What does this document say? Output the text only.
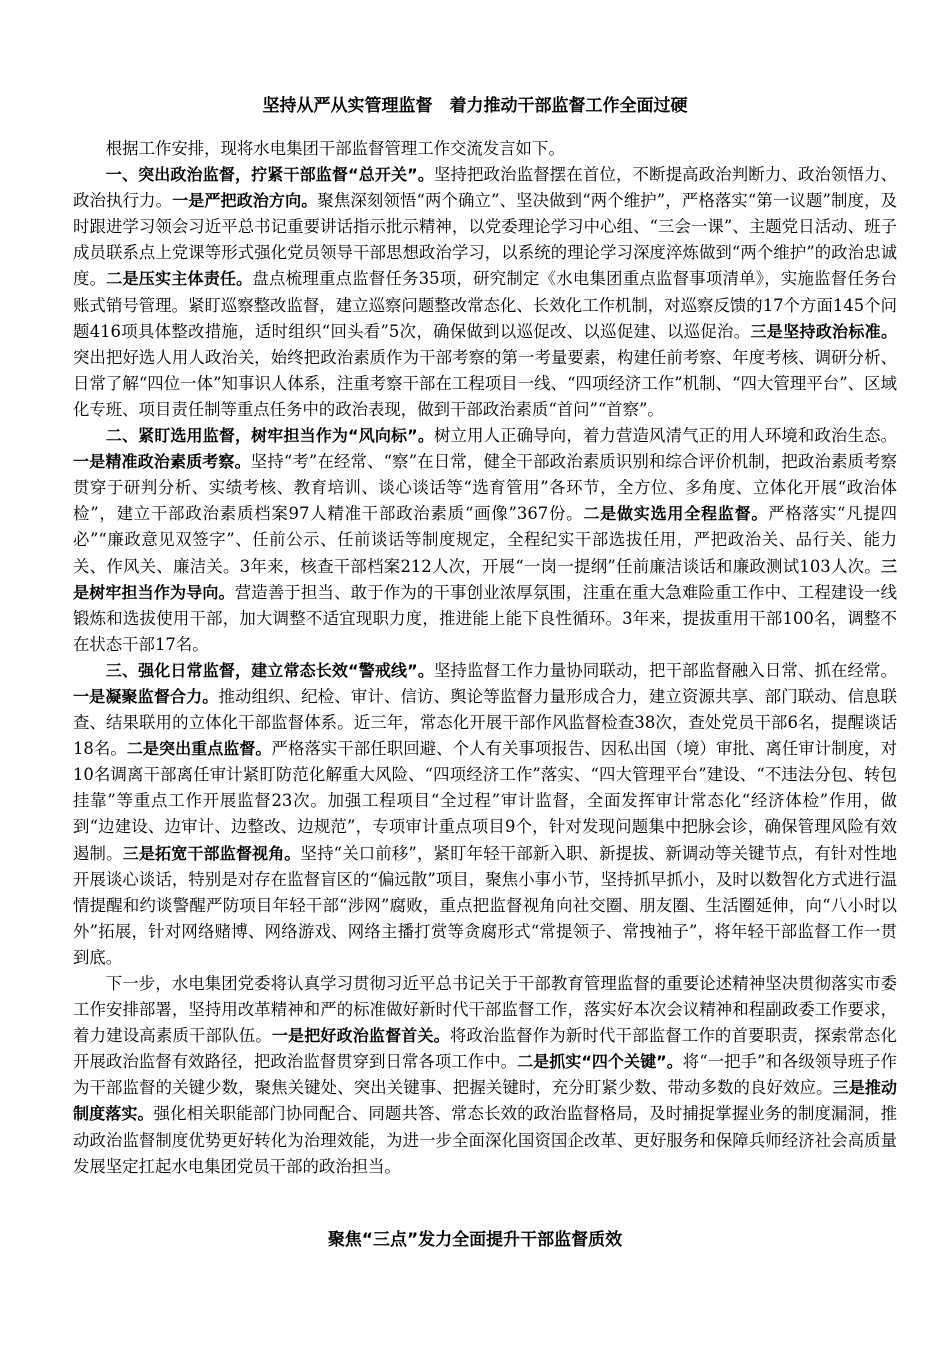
坚持从严从实管理监督　着力推动干部监督工作全面过硬

根据工作安排，现将水电集团干部监督管理工作交流发言如下。

一、突出政治监督，拧紧干部监督“总开关”。坚持把政治监督摆在首位，不断提高政治判断力、政治领悟力、政治执行力。一是严把政治方向。聚焦深刻领悟“两个确立”、坚决做到“两个维护”，严格落实“第一议题”制度，及时跟进学习领会习近平总书记重要讲话指示批示精神，以党委理论学习中心组、“三会一课”、主题党日活动、班子成员联系点上党课等形式强化党员领导干部思想政治学习，以系统的理论学习深度淬炼做到“两个维护”的政治忠诚度。二是压实主体责任。盘点梳理重点监督任务35项，研究制定《水电集团重点监督事项清单》，实施监督任务台账式销号管理。紧盯巡察整改监督，建立巡察问题整改常态化、长效化工作机制，对巡察反馈的17个方面145个问题416项具体整改措施，适时组织“回头看”5次，确保做到以巡促改、以巡促建、以巡促治。三是坚持政治标准。突出把好选人用人政治关，始终把政治素质作为干部考察的第一考量要素，构建任前考察、年度考核、调研分析、日常了解“四位一体”知事识人体系，注重考察干部在工程项目一线、“四项经济工作”机制、“四大管理平台”、区域化专班、项目责任制等重点任务中的政治表现，做到干部政治素质“首问”“首察”。

二、紧盯选用监督，树牢担当作为“风向标”。树立用人正确导向，着力营造风清气正的用人环境和政治生态。一是精准政治素质考察。坚持“考”在经常、“察”在日常，健全干部政治素质识别和综合评价机制，把政治素质考察贯穿于研判分析、实绩考核、教育培训、谈心谈话等“选育管用”各环节，全方位、多角度、立体化开展“政治体检”，建立干部政治素质档案97人精准干部政治素质“画像”367份。二是做实选用全程监督。严格落实“凡提四必”“廉政意见双签字”、任前公示、任前谈话等制度规定，全程纪实干部选拔任用，严把政治关、品行关、能力关、作风关、廉洁关。3年来，核查干部档案212人次，开展“一岗一提纲”任前廉洁谈话和廉政测试103人次。三是树牢担当作为导向。营造善于担当、敢于作为的干事创业浓厚氛围，注重在重大急难险重工作中、工程建设一线锻炼和选拔使用干部，加大调整不适宜现职力度，推进能上能下良性循环。3年来，提拔重用干部100名，调整不在状态干部17名。

三、强化日常监督，建立常态长效“警戒线”。坚持监督工作力量协同联动，把干部监督融入日常、抓在经常。一是凝聚监督合力。推动组织、纪检、审计、信访、舆论等监督力量形成合力，建立资源共享、部门联动、信息联查、结果联用的立体化干部监督体系。近三年，常态化开展干部作风监督检查38次，查处党员干部6名，提醒谈话18名。二是突出重点监督。严格落实干部任职回避、个人有关事项报告、因私出国（境）审批、离任审计制度，对10名调离干部离任审计紧盯防范化解重大风险、“四项经济工作”落实、“四大管理平台”建设、“不违法分包、转包挂靠”等重点工作开展监督23次。加强工程项目“全过程”审计监督，全面发挥审计常态化“经济体检”作用，做到“边建设、边审计、边整改、边规范”，专项审计重点项目9个，针对发现问题集中把脉会诊，确保管理风险有效遏制。三是拓宽干部监督视角。坚持“关口前移”，紧盯年轻干部新入职、新提拔、新调动等关键节点，有针对性地开展谈心谈话，特别是对存在监督盲区的“偏远散”项目，聚焦小事小节，坚持抓早抓小，及时以数智化方式进行温情提醒和约谈警醒严防项目年轻干部“涉网”腐败，重点把监督视角向社交圈、朋友圈、生活圈延伸，向“八小时以外”拓展，针对网络赌博、网络游戏、网络主播打赏等贪腐形式“常提领子、常拽袖子”，将年轻干部监督工作一贯到底。

下一步，水电集团党委将认真学习贯彻习近平总书记关于干部教育管理监督的重要论述精神坚决贯彻落实市委工作安排部署，坚持用改革精神和严的标准做好新时代干部监督工作，落实好本次会议精神和程副政委工作要求，着力建设高素质干部队伍。一是把好政治监督首关。将政治监督作为新时代干部监督工作的首要职责，探索常态化开展政治监督有效路径，把政治监督贯穿到日常各项工作中。二是抓实“四个关键”。将“一把手”和各级领导班子作为干部监督的关键少数，聚焦关键处、突出关键事、把握关键时，充分盯紧少数、带动多数的良好效应。三是推动制度落实。强化相关职能部门协同配合、同题共答、常态长效的政治监督格局，及时捕捉掌握业务的制度漏洞，推动政治监督制度优势更好转化为治理效能，为进一步全面深化国资国企改革、更好服务和保障兵师经济社会高质量发展坚定扛起水电集团党员干部的政治担当。

聚焦“三点”发力全面提升干部监督质效
